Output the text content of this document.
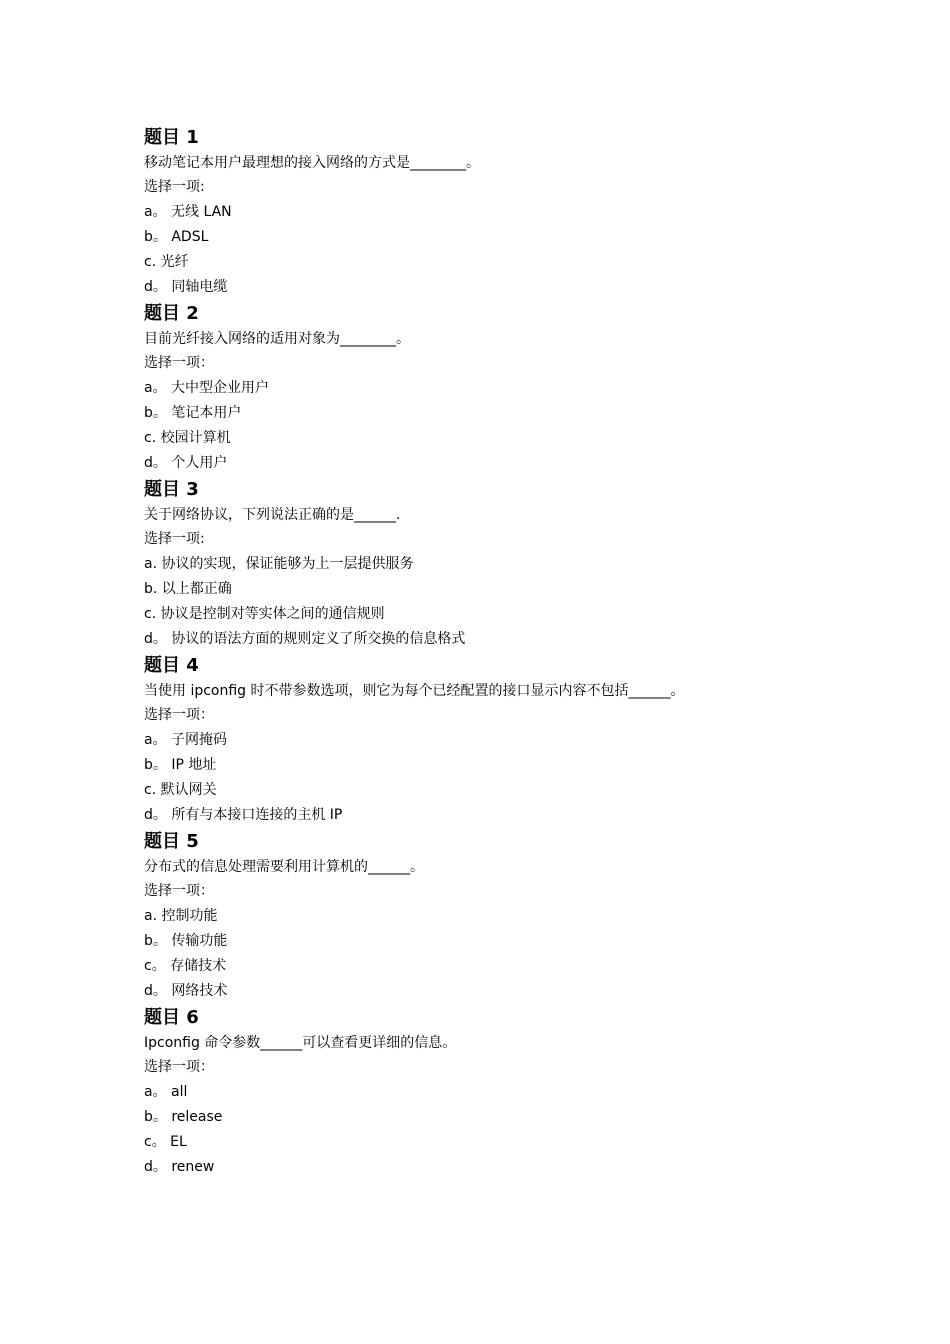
题目 1
移动笔记本用户最理想的接入网络的方式是________。
选择一项:
a。 无线 LAN
b。 ADSL
c. 光纤
d。 同轴电缆
题目 2
目前光纤接入网络的适用对象为________。
选择一项：
a。 大中型企业用户
b。 笔记本用户
c. 校园计算机
d。 个人用户
题目 3
关于网络协议，下列说法正确的是______.
选择一项:
a. 协议的实现，保证能够为上一层提供服务
b. 以上都正确
c. 协议是控制对等实体之间的通信规则
d。 协议的语法方面的规则定义了所交换的信息格式
题目 4
当使用 ipconfig 时不带参数选项，则它为每个已经配置的接口显示内容不包括______。
选择一项：
a。 子网掩码
b。 IP 地址
c. 默认网关
d。 所有与本接口连接的主机 IP
题目 5
分布式的信息处理需要利用计算机的______。
选择一项：
a. 控制功能
b。 传输功能
c。 存储技术
d。 网络技术
题目 6
Ipconfig 命令参数______可以查看更详细的信息。
选择一项：
a。 all
b。 release
c。 EL
d。 renew
